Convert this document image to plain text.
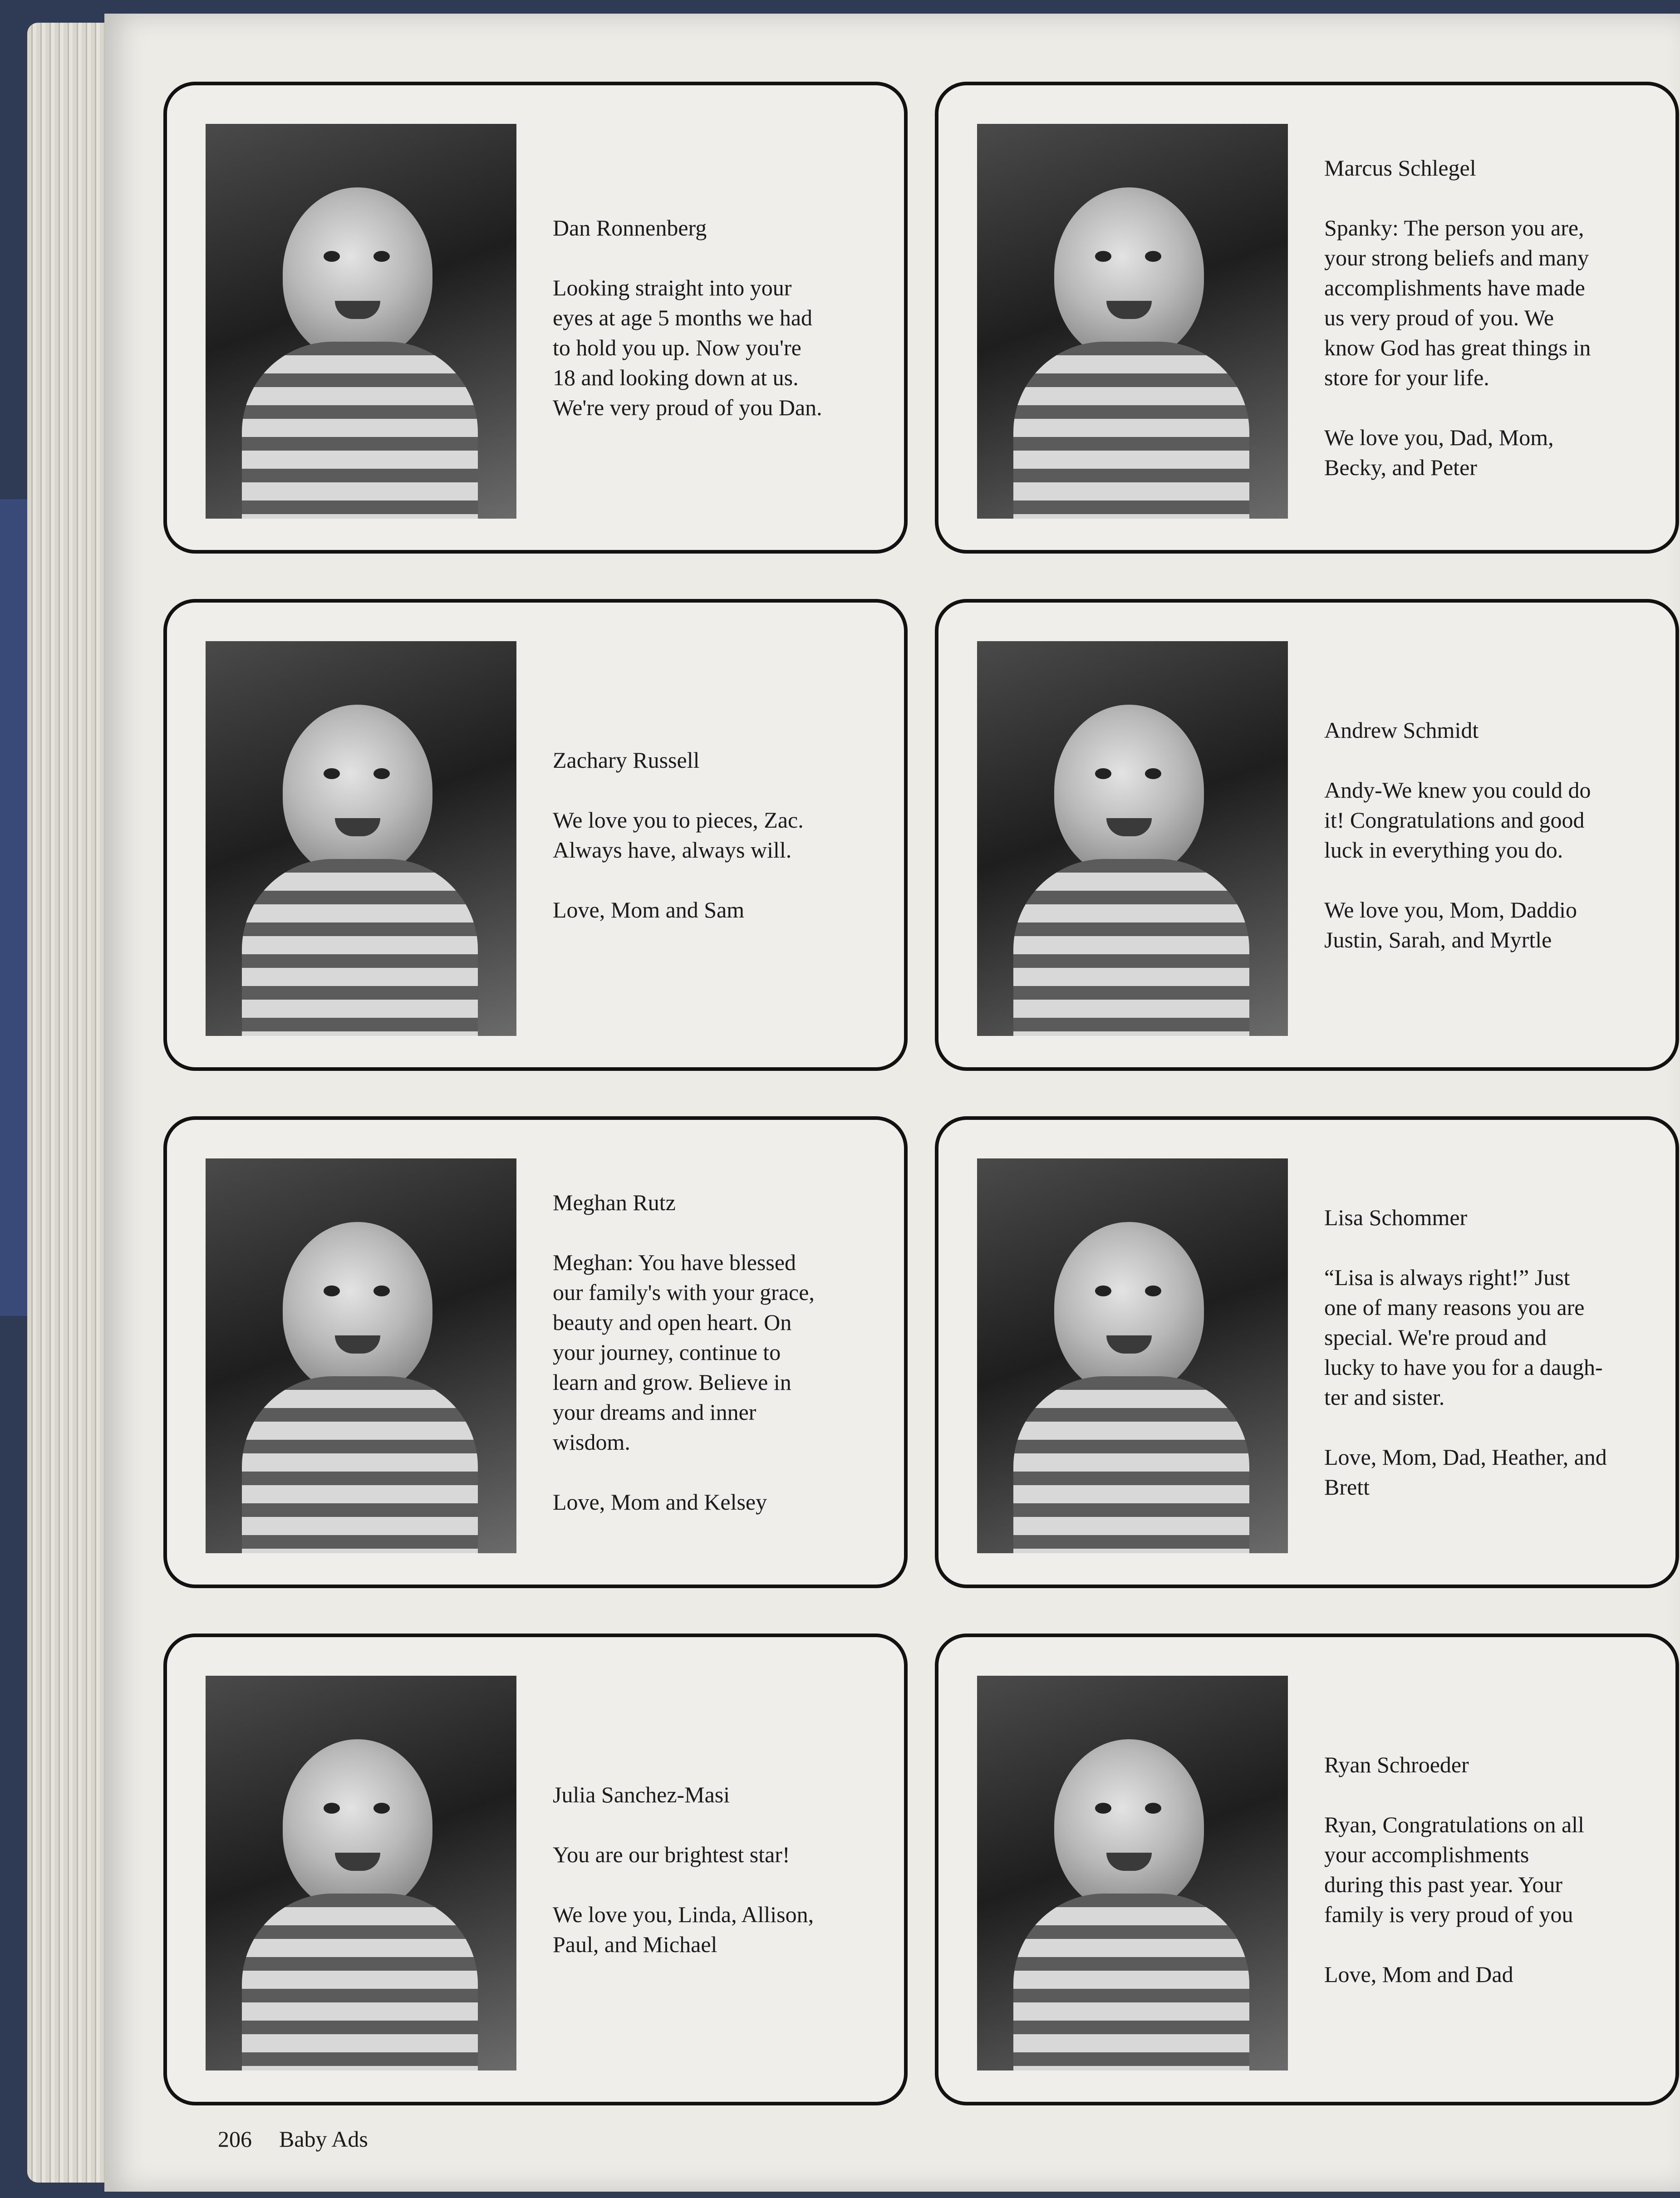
Dan Ronnenberg

Looking straight into your
eyes at age 5 months we had
to hold you up. Now you're
18 and looking down at us.
We're very proud of you Dan.

Marcus Schlegel

Spanky: The person you are,
your strong beliefs and many
accomplishments have made
us very proud of you. We
know God has great things in
store for your life.

We love you, Dad, Mom,
Becky, and Peter

Zachary Russell

We love you to pieces, Zac.
Always have, always will.

Love, Mom and Sam

Andrew Schmidt

Andy-We knew you could do
it! Congratulations and good
luck in everything you do.

We love you, Mom, Daddio
Justin, Sarah, and Myrtle

Meghan Rutz

Meghan: You have blessed
our family's with your grace,
beauty and open heart. On
your journey, continue to
learn and grow. Believe in
your dreams and inner
wisdom.

Love, Mom and Kelsey

Lisa Schommer

“Lisa is always right!” Just
one of many reasons you are
special. We're proud and
lucky to have you for a daugh-
ter and sister.

Love, Mom, Dad, Heather, and
Brett

Julia Sanchez-Masi

You are our brightest star!

We love you, Linda, Allison,
Paul, and Michael

Ryan Schroeder

Ryan, Congratulations on all
your accomplishments
during this past year. Your
family is very proud of you

Love, Mom and Dad

206 Baby Ads
